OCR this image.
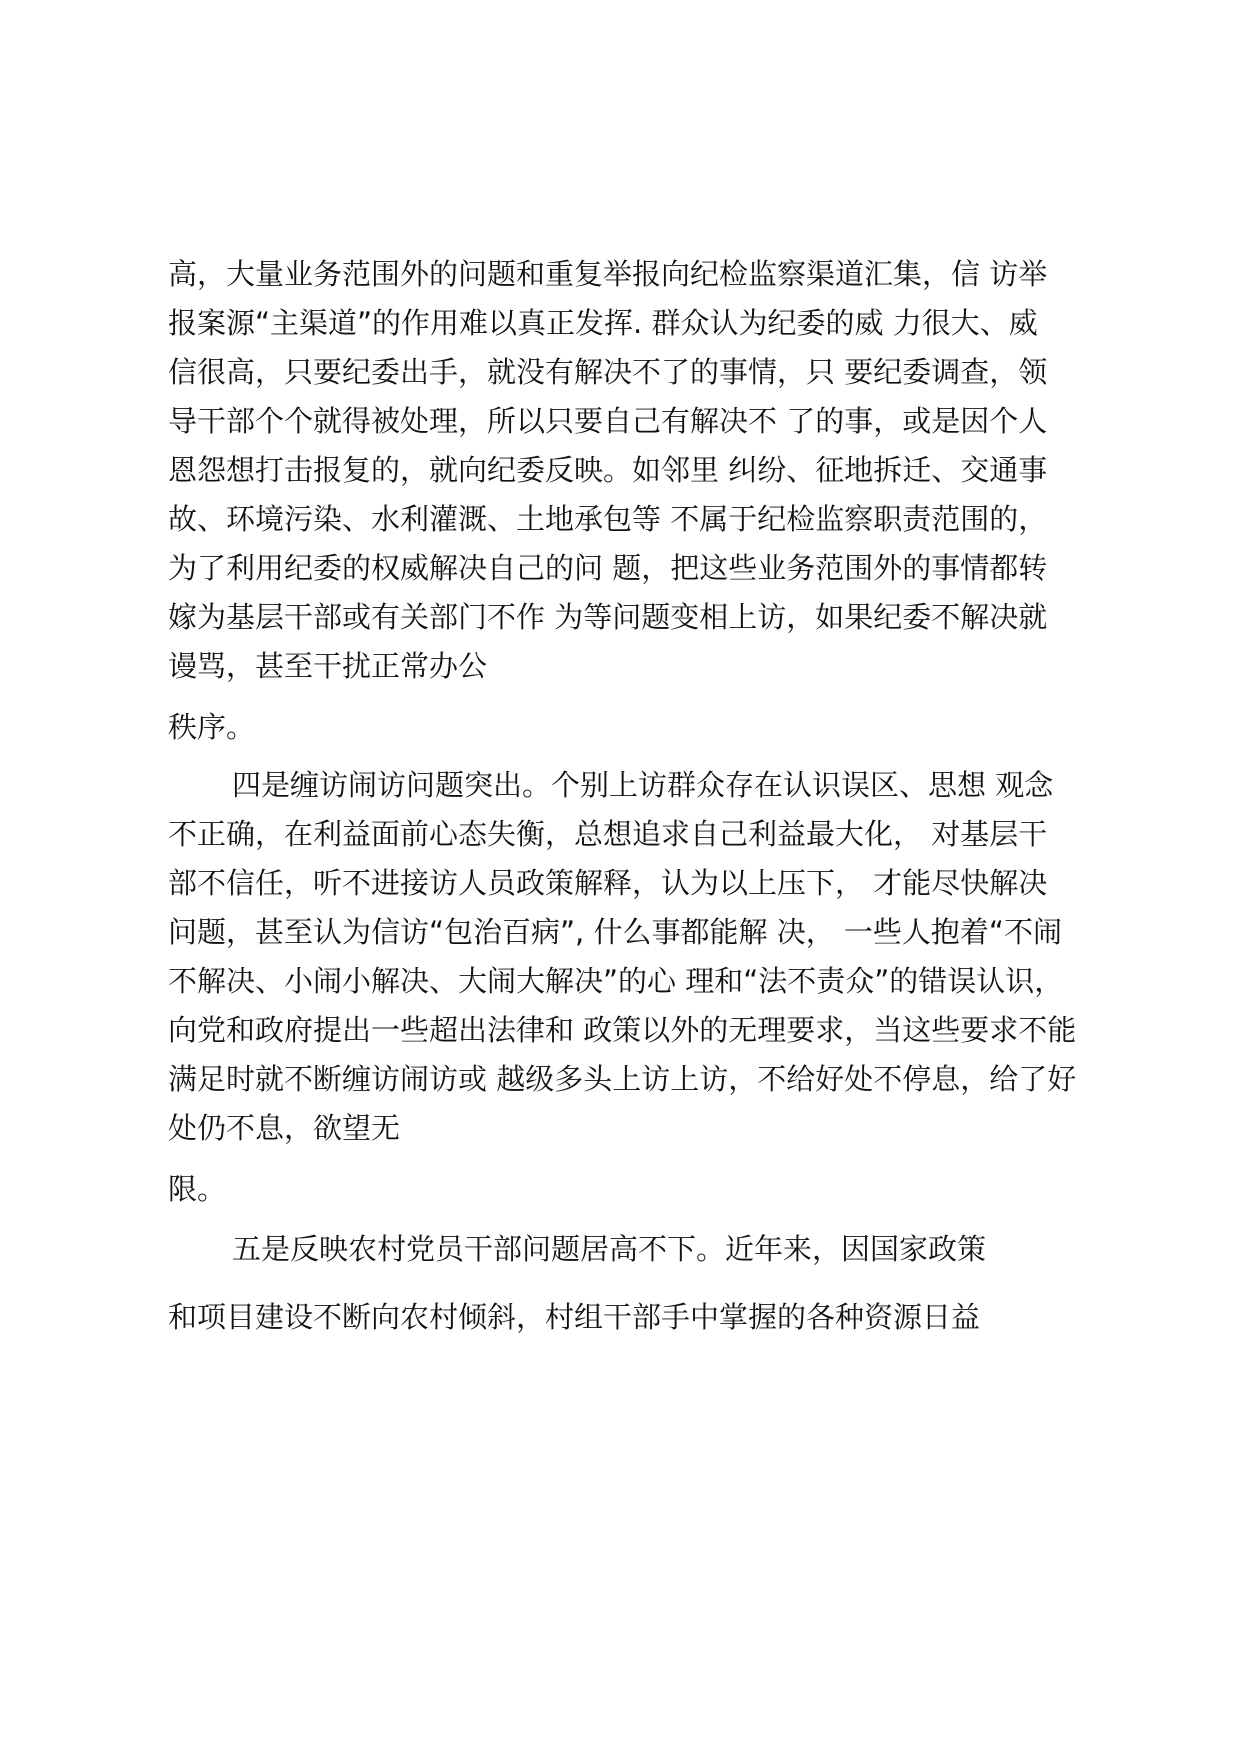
高，大量业务范围外的问题和重复举报向纪检监察渠道汇集，信 访举
报案源“主渠道”的作用难以真正发挥. 群众认为纪委的威 力很大、威
信很高，只要纪委出手，就没有解决不了的事情，只 要纪委调查，领
导干部个个就得被处理，所以只要自己有解决不 了的事，或是因个人
恩怨想打击报复的，就向纪委反映。如邻里 纠纷、征地拆迁、交通事
故、环境污染、水利灌溉、土地承包等 不属于纪检监察职责范围的，
为了利用纪委的权威解决自己的问 题，把这些业务范围外的事情都转
嫁为基层干部或有关部门不作 为等问题变相上访，如果纪委不解决就
谩骂，甚至干扰正常办公
秩序。
四是缠访闹访问题突出。个别上访群众存在认识误区、思想 观念
不正确，在利益面前心态失衡，总想追求自己利益最大化， 对基层干
部不信任，听不进接访人员政策解释，认为以上压下， 才能尽快解决
问题，甚至认为信访“包治百病”, 什么事都能解 决， 一些人抱着“不闹
不解决、小闹小解决、大闹大解决”的心 理和“法不责众”的错误认识，
向党和政府提出一些超出法律和 政策以外的无理要求，当这些要求不能
满足时就不断缠访闹访或 越级多头上访上访，不给好处不停息，给了好
处仍不息，欲望无
限。
五是反映农村党员干部问题居高不下。近年来，因国家政策
和项目建设不断向农村倾斜，村组干部手中掌握的各种资源日益
